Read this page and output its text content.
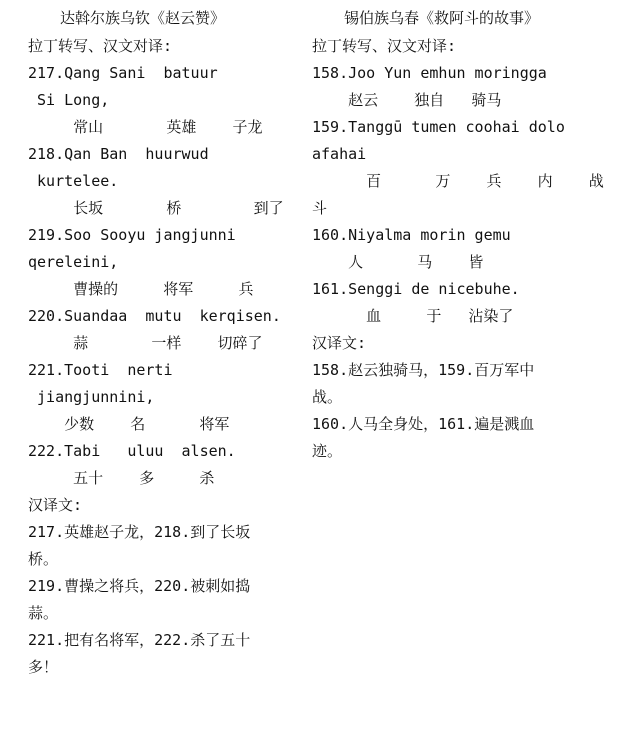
达斡尔族乌钦《赵云赞》
拉丁转写、汉文对译:
217.Qang Sani  batuur
Si Long,
常山       英雄    子龙
218.Qan Ban  huurwud
kurtelee.
长坂       桥        到了
219.Soo Sooyu jangjunni
qereleini,
曹操的     将军     兵
220.Suandaa  mutu  kerqisen.
蒜       一样    切碎了
221.Tooti  nerti
jiangjunnini,
少数    名      将军
222.Tabi   uluu  alsen.
五十    多     杀
汉译文:
217.英雄赵子龙，218.到了长坂
桥。
219.曹操之将兵，220.被刺如捣
蒜。
221.把有名将军，222.杀了五十
多！
锡伯族乌春《救阿斗的故事》
拉丁转写、汉文对译:
158.Joo Yun emhun moringga
赵云    独自   骑马
159.Tanggū tumen coohai dolo
afahai
百      万    兵    内    战
斗
160.Niyalma morin gemu
人      马    皆
161.Senggi de nicebuhe.
血     于   沾染了
汉译文:
158.赵云独骑马，159.百万军中
战。
160.人马全身处，161.遍是溅血
迹。
